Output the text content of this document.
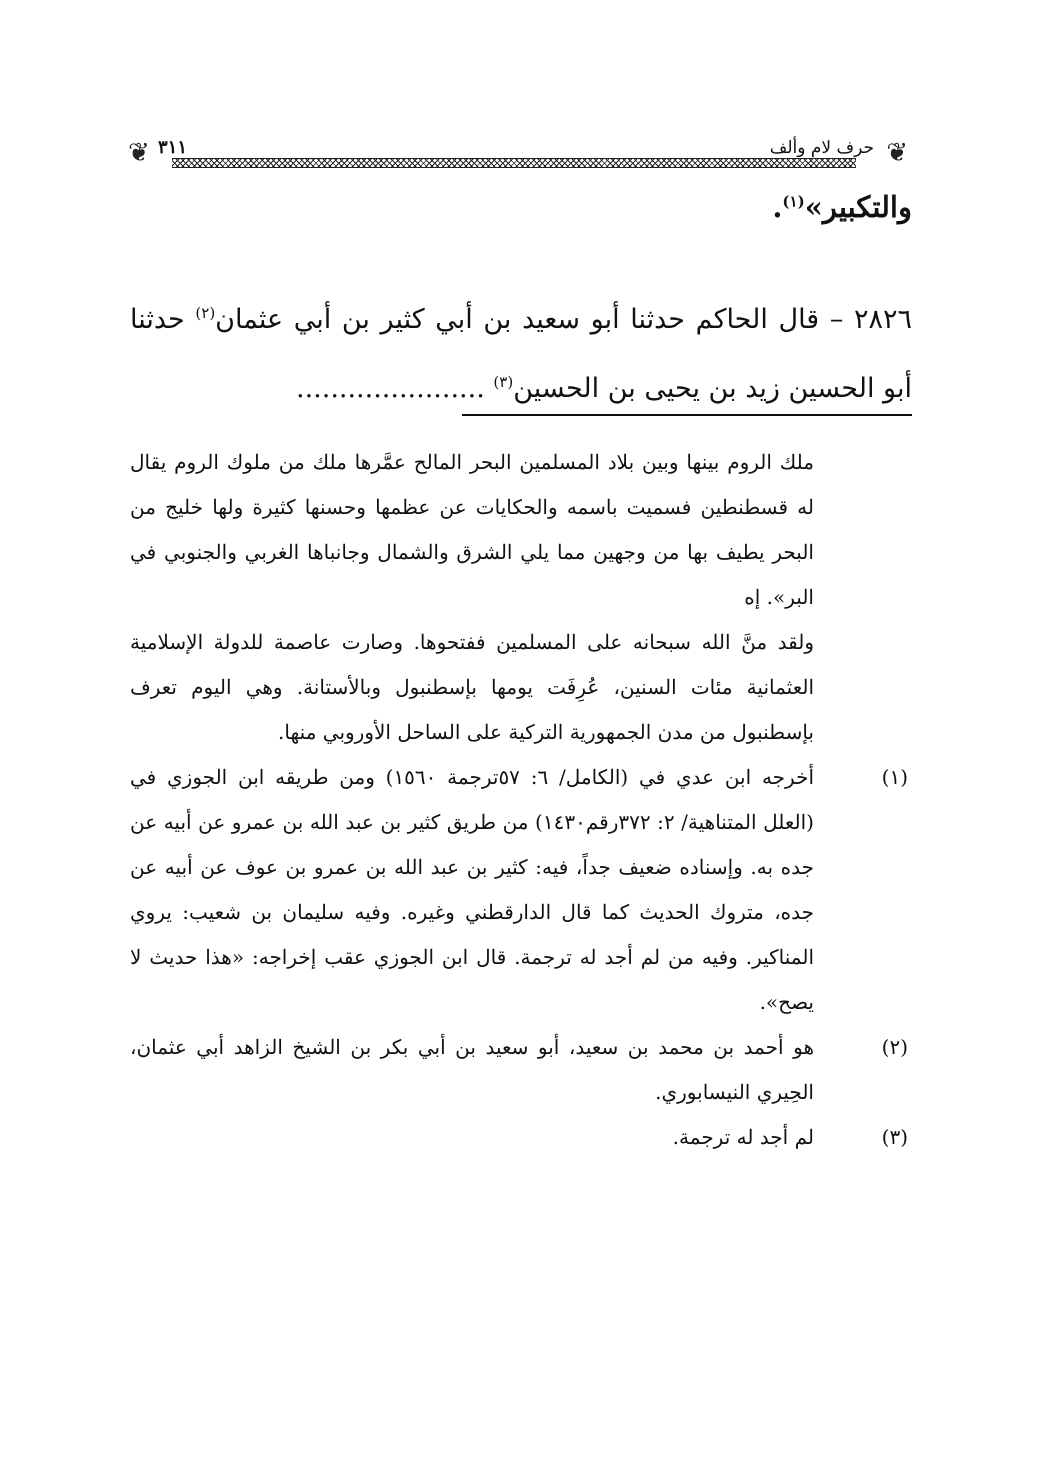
❦
حرف لام وألف
٣١١
❦
والتكبير»$^{(١)}$.
٢٨٢٦ – قال الحاكم حدثنا أبو سعيد بن أبي كثير بن أبي عثمان$^{(٢)}$ حدثنا أبو الحسين زيد بن يحيى بن الحسين$^{(٣)}$ ......................

ملك الروم بينها وبين بلاد المسلمين البحر المالح عمَّرها ملك من ملوك الروم يقال له قسطنطين فسميت باسمه والحكايات عن عظمها وحسنها كثيرة ولها خليج من البحر يطيف بها من وجهين مما يلي الشرق والشمال وجانباها الغربي والجنوبي في البر». إه

ولقد منَّ الله سبحانه على المسلمين ففتحوها. وصارت عاصمة للدولة الإسلامية العثمانية مئات السنين، عُرِفَت يومها بإسطنبول وبالأستانة. وهي اليوم تعرف بإسطنبول من مدن الجمهورية التركية على الساحل الأوروبي منها.

(١)
أخرجه ابن عدي في (الكامل/ ٦: ٥٧ترجمة ١٥٦٠) ومن طريقه ابن الجوزي في (العلل المتناهية/ ٢: ٣٧٢رقم١٤٣٠) من طريق كثير بن عبد الله بن عمرو عن أبيه عن جده به. وإسناده ضعيف جداً، فيه: كثير بن عبد الله بن عمرو بن عوف عن أبيه عن جده، متروك الحديث كما قال الدارقطني وغيره. وفيه سليمان بن شعيب: يروي المناكير. وفيه من لم أجد له ترجمة. قال ابن الجوزي عقب إخراجه: «هذا حديث لا يصح».
(٢)
هو أحمد بن محمد بن سعيد، أبو سعيد بن أبي بكر بن الشيخ الزاهد أبي عثمان، الحِيري النيسابوري.
(٣)
لم أجد له ترجمة.
